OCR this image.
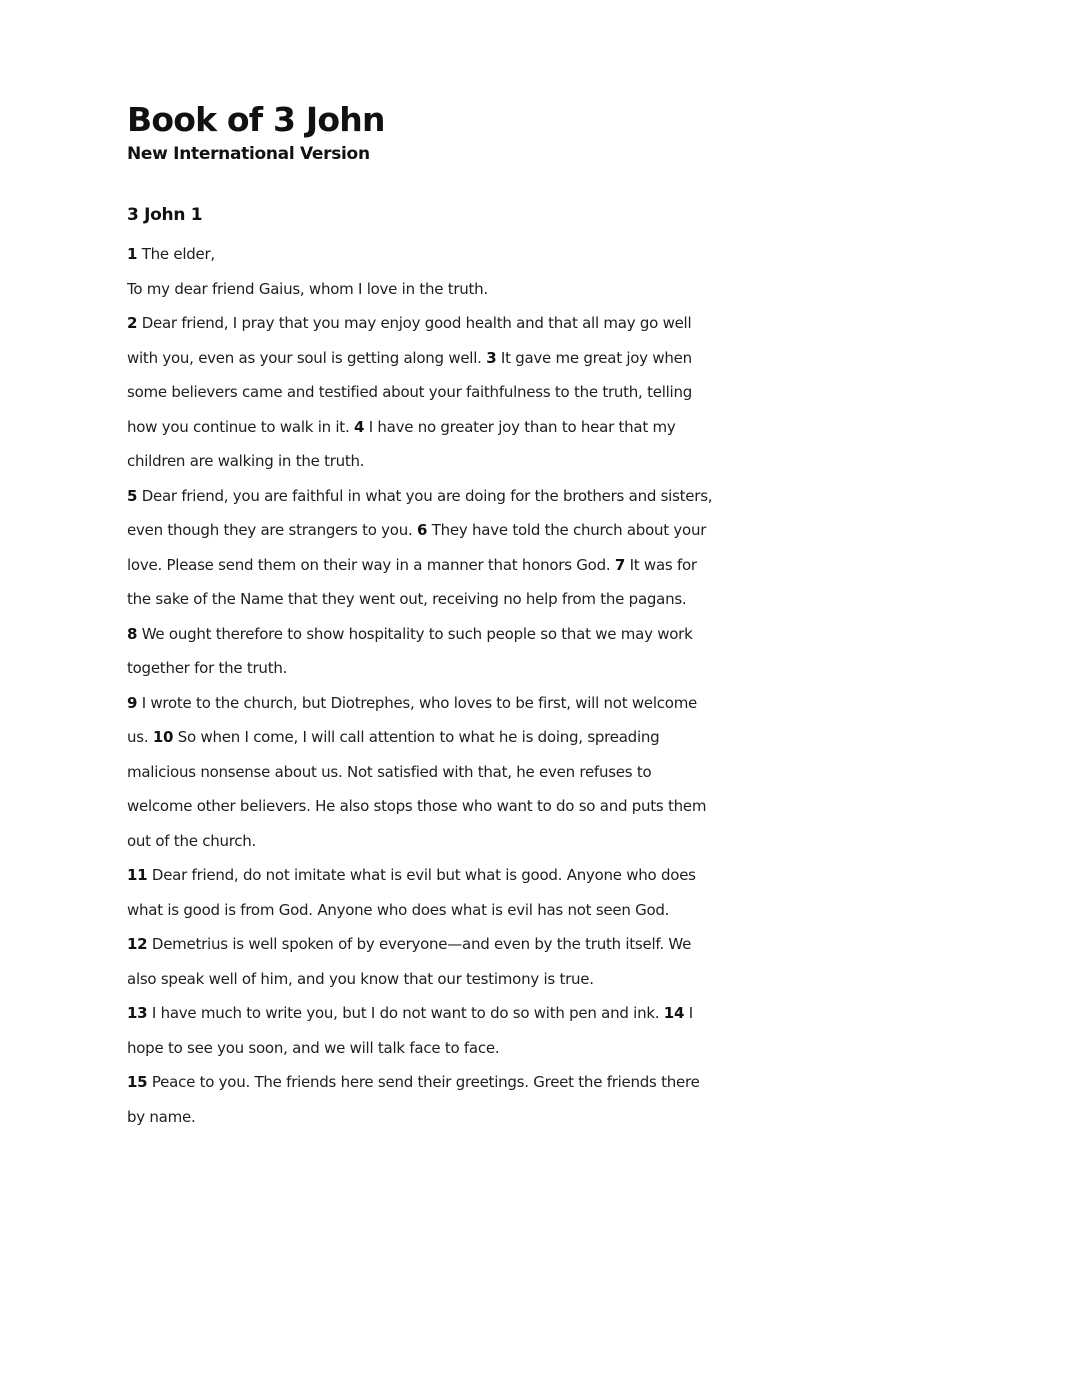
Book of 3 John
New International Version
3 John 1

1 The elder,

To my dear friend Gaius, whom I love in the truth.

2 Dear friend, I pray that you may enjoy good health and that all may go well
with you, even as your soul is getting along well. 3 It gave me great joy when
some believers came and testified about your faithfulness to the truth, telling
how you continue to walk in it. 4 I have no greater joy than to hear that my
children are walking in the truth.

5 Dear friend, you are faithful in what you are doing for the brothers and sisters,
even though they are strangers to you. 6 They have told the church about your
love. Please send them on their way in a manner that honors God. 7 It was for
the sake of the Name that they went out, receiving no help from the pagans.

8 We ought therefore to show hospitality to such people so that we may work
together for the truth.

9 I wrote to the church, but Diotrephes, who loves to be first, will not welcome
us. 10 So when I come, I will call attention to what he is doing, spreading
malicious nonsense about us. Not satisfied with that, he even refuses to
welcome other believers. He also stops those who want to do so and puts them
out of the church.

11 Dear friend, do not imitate what is evil but what is good. Anyone who does
what is good is from God. Anyone who does what is evil has not seen God.

12 Demetrius is well spoken of by everyone—and even by the truth itself. We
also speak well of him, and you know that our testimony is true.

13 I have much to write you, but I do not want to do so with pen and ink. 14 I
hope to see you soon, and we will talk face to face.

15 Peace to you. The friends here send their greetings. Greet the friends there
by name.
